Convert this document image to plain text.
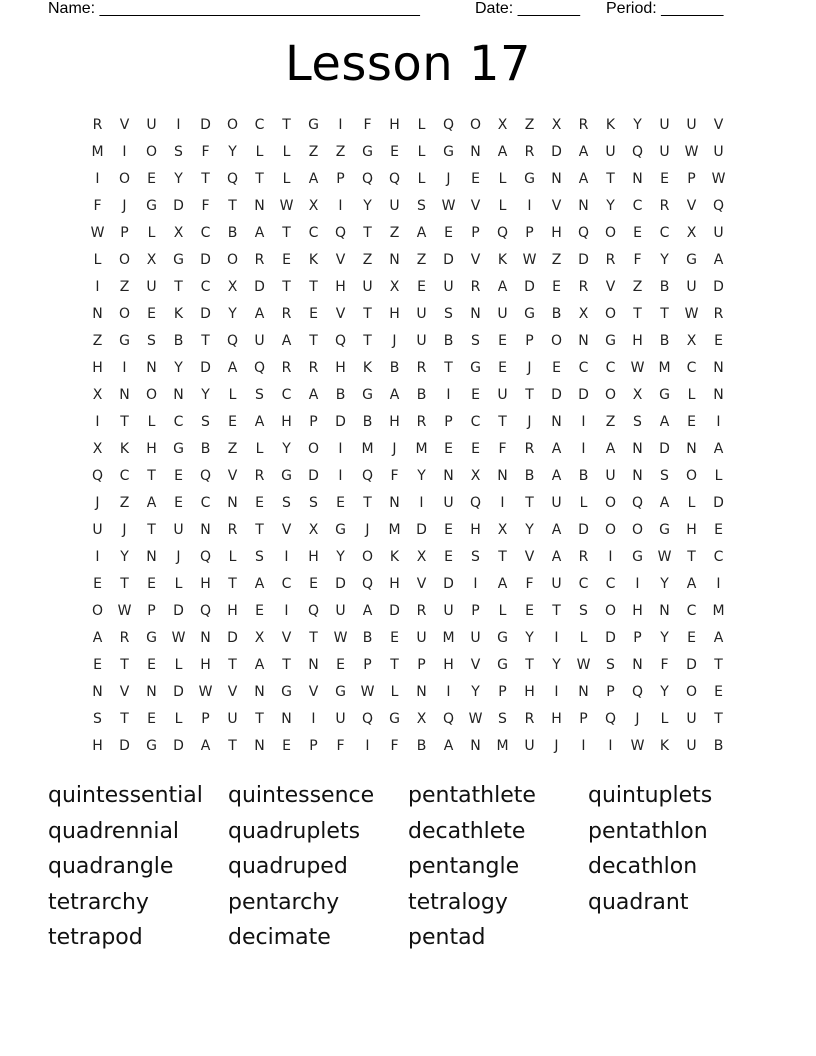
Name: ____________________________________	Date: _______ Period: _______
Lesson 17
R	V	U	I	D	O	C	T	G	I	F	H	L	Q	O	X	Z	X	R	K	Y	U	U	V
M	I	O	S	F	Y	L	L	Z	Z	G	E	L	G	N	A	R	D	A	U	Q	U	W	U
I	O	E	Y	T	Q	T	L	A	P	Q	Q	L	J	E	L	G	N	A	T	N	E	P	W
F	J	G	D	F	T	N	W	X	I	Y	U	S	W	V	L	I	V	N	Y	C	R	V	Q
W	P	L	X	C	B	A	T	C	Q	T	Z	A	E	P	Q	P	H	Q	O	E	C	X	U
L	O	X	G	D	O	R	E	K	V	Z	N	Z	D	V	K	W	Z	D	R	F	Y	G	A
I	Z	U	T	C	X	D	T	T	H	U	X	E	U	R	A	D	E	R	V	Z	B	U	D
N	O	E	K	D	Y	A	R	E	V	T	H	U	S	N	U	G	B	X	O	T	T	W	R
Z	G	S	B	T	Q	U	A	T	Q	T	J	U	B	S	E	P	O	N	G	H	B	X	E
H	I	N	Y	D	A	Q	R	R	H	K	B	R	T	G	E	J	E	C	C	W	M	C	N
X	N	O	N	Y	L	S	C	A	B	G	A	B	I	E	U	T	D	D	O	X	G	L	N
I	T	L	C	S	E	A	H	P	D	B	H	R	P	C	T	J	N	I	Z	S	A	E	I
X	K	H	G	B	Z	L	Y	O	I	M	J	M	E	E	F	R	A	I	A	N	D	N	A
Q	C	T	E	Q	V	R	G	D	I	Q	F	Y	N	X	N	B	A	B	U	N	S	O	L
J	Z	A	E	C	N	E	S	S	E	T	N	I	U	Q	I	T	U	L	O	Q	A	L	D
U	J	T	U	N	R	T	V	X	G	J	M	D	E	H	X	Y	A	D	O	O	G	H	E
I	Y	N	J	Q	L	S	I	H	Y	O	K	X	E	S	T	V	A	R	I	G	W	T	C
E	T	E	L	H	T	A	C	E	D	Q	H	V	D	I	A	F	U	C	C	I	Y	A	I
O	W	P	D	Q	H	E	I	Q	U	A	D	R	U	P	L	E	T	S	O	H	N	C	M
A	R	G	W	N	D	X	V	T	W	B	E	U	M	U	G	Y	I	L	D	P	Y	E	A
E	T	E	L	H	T	A	T	N	E	P	T	P	H	V	G	T	Y	W	S	N	F	D	T
N	V	N	D	W	V	N	G	V	G	W	L	N	I	Y	P	H	I	N	P	Q	Y	O	E
S	T	E	L	P	U	T	N	I	U	Q	G	X	Q	W	S	R	H	P	Q	J	L	U	T
H	D	G	D	A	T	N	E	P	F	I	F	B	A	N	M	U	J	I	I	W	K	U	B
quintessential	quintessence	pentathlete	quintuplets
quadrennial	quadruplets	decathlete	pentathlon
quadrangle	quadruped	pentangle	decathlon
tetrarchy	pentarchy	tetralogy	quadrant
tetrapod	decimate	pentad
